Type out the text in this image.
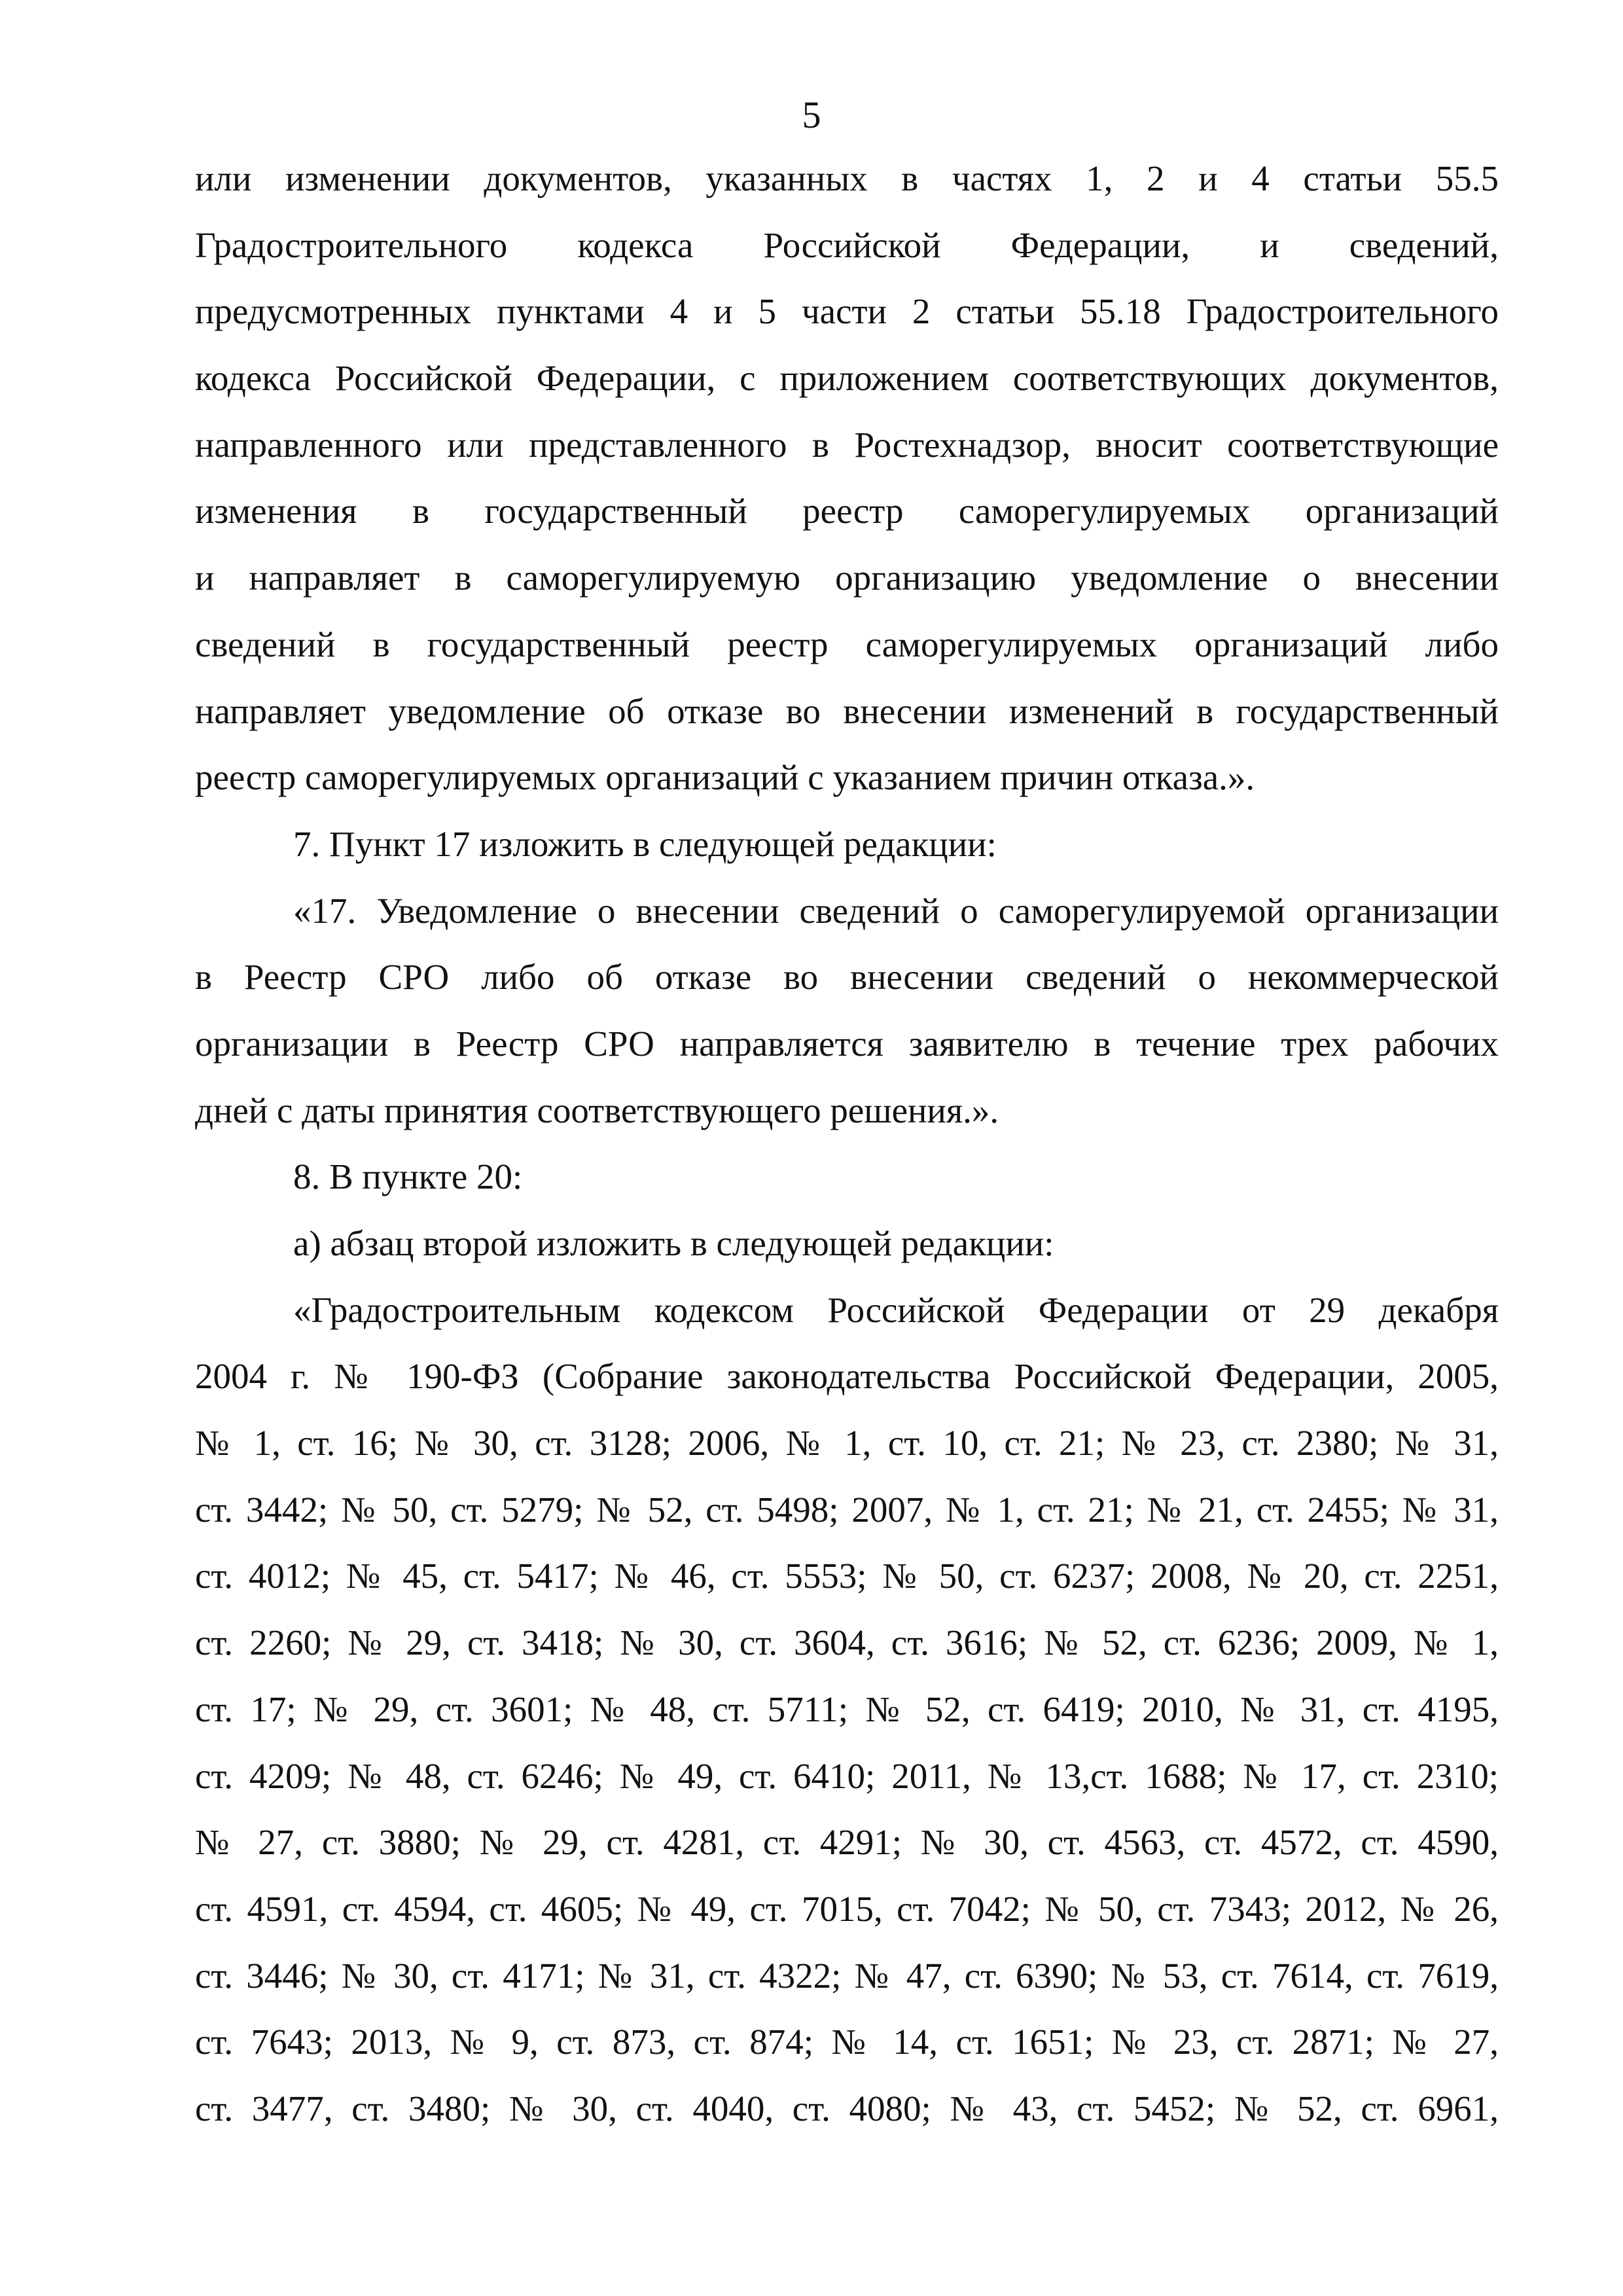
5
или изменении документов, указанных в частях 1, 2 и 4 статьи 55.5
Градостроительного кодекса Российской Федерации, и сведений,
предусмотренных пунктами 4 и 5 части 2 статьи 55.18 Градостроительного
кодекса Российской Федерации, с приложением соответствующих документов,
направленного или представленного в Ростехнадзор, вносит соответствующие
изменения в государственный реестр саморегулируемых организаций
и направляет в саморегулируемую организацию уведомление о внесении
сведений в государственный реестр саморегулируемых организаций либо
направляет уведомление об отказе во внесении изменений в государственный
реестр саморегулируемых организаций с указанием причин отказа.».
7. Пункт 17 изложить в следующей редакции:
«17. Уведомление о внесении сведений о саморегулируемой организации
в Реестр СРО либо об отказе во внесении сведений о некоммерческой
организации в Реестр СРО направляется заявителю в течение трех рабочих
дней с даты принятия соответствующего решения.».
8. В пункте 20:
а) абзац второй изложить в следующей редакции:
«Градостроительным кодексом Российской Федерации от 29 декабря
2004 г. № 190-ФЗ (Собрание законодательства Российской Федерации, 2005,
№ 1, ст. 16; № 30, ст. 3128; 2006, № 1, ст. 10, ст. 21; № 23, ст. 2380; № 31,
ст. 3442; № 50, ст. 5279; № 52, ст. 5498; 2007, № 1, ст. 21; № 21, ст. 2455; № 31,
ст. 4012; № 45, ст. 5417; № 46, ст. 5553; № 50, ст. 6237; 2008, № 20, ст. 2251,
ст. 2260; № 29, ст. 3418; № 30, ст. 3604, ст. 3616; № 52, ст. 6236; 2009, № 1,
ст. 17; № 29, ст. 3601; № 48, ст. 5711; № 52, ст. 6419; 2010, № 31, ст. 4195,
ст. 4209; № 48, ст. 6246; № 49, ст. 6410; 2011, № 13,ст. 1688; № 17, ст. 2310;
№ 27, ст. 3880; № 29, ст. 4281, ст. 4291; № 30, ст. 4563, ст. 4572, ст. 4590,
ст. 4591, ст. 4594, ст. 4605; № 49, ст. 7015, ст. 7042; № 50, ст. 7343; 2012, № 26,
ст. 3446; № 30, ст. 4171; № 31, ст. 4322; № 47, ст. 6390; № 53, ст. 7614, ст. 7619,
ст. 7643; 2013, № 9, ст. 873, ст. 874; № 14, ст. 1651; № 23, ст. 2871; № 27,
ст. 3477, ст. 3480; № 30, ст. 4040, ст. 4080; № 43, ст. 5452; № 52, ст. 6961,
